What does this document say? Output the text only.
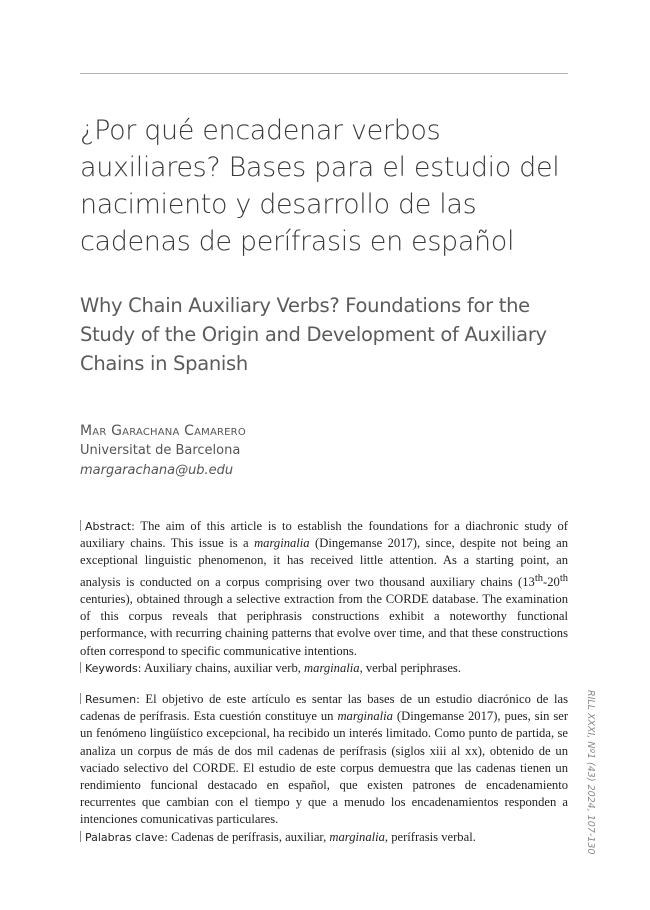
¿Por qué encadenar verbos auxiliares? Bases para el estudio del nacimiento y desarrollo de las cadenas de perífrasis en español
Why Chain Auxiliary Verbs? Foundations for the Study of the Origin and Development of Auxiliary Chains in Spanish
Mar Garachana Camarero
Universitat de Barcelona
margarachana@ub.edu

Abstract: The aim of this article is to establish the foundations for a diachronic study of auxiliary chains. This issue is a marginalia (Dingemanse 2017), since, despite not being an exceptional linguistic phenomenon, it has received little attention. As a starting point, an analysis is conducted on a corpus comprising over two thousand auxiliary chains (13th-20th centuries), obtained through a selective extraction from the CORDE database. The examination of this corpus reveals that periphrasis constructions exhibit a noteworthy functional performance, with recurring chaining patterns that evolve over time, and that these constructions often correspond to specific communicative intentions.

Keywords: Auxiliary chains, auxiliar verb, marginalia, verbal periphrases.

Resumen: El objetivo de este artículo es sentar las bases de un estudio diacrónico de las cadenas de perífrasis. Esta cuestión constituye un marginalia (Dingemanse 2017), pues, sin ser un fenómeno lingüístico excepcional, ha recibido un interés limitado. Como punto de partida, se analiza un corpus de más de dos mil cadenas de perífrasis (siglos xiii al xx), obtenido de un vaciado selectivo del CORDE. El estudio de este corpus demuestra que las cadenas tienen un rendimiento funcional destacado en español, que existen patrones de encadenamiento recurrentes que cambian con el tiempo y que a menudo los encadenamientos responden a intenciones comunicativas particulares.

Palabras clave: Cadenas de perífrasis, auxiliar, marginalia, perífrasis verbal.	RILL XXXI, Nº1 (43) 2024, 107-130
